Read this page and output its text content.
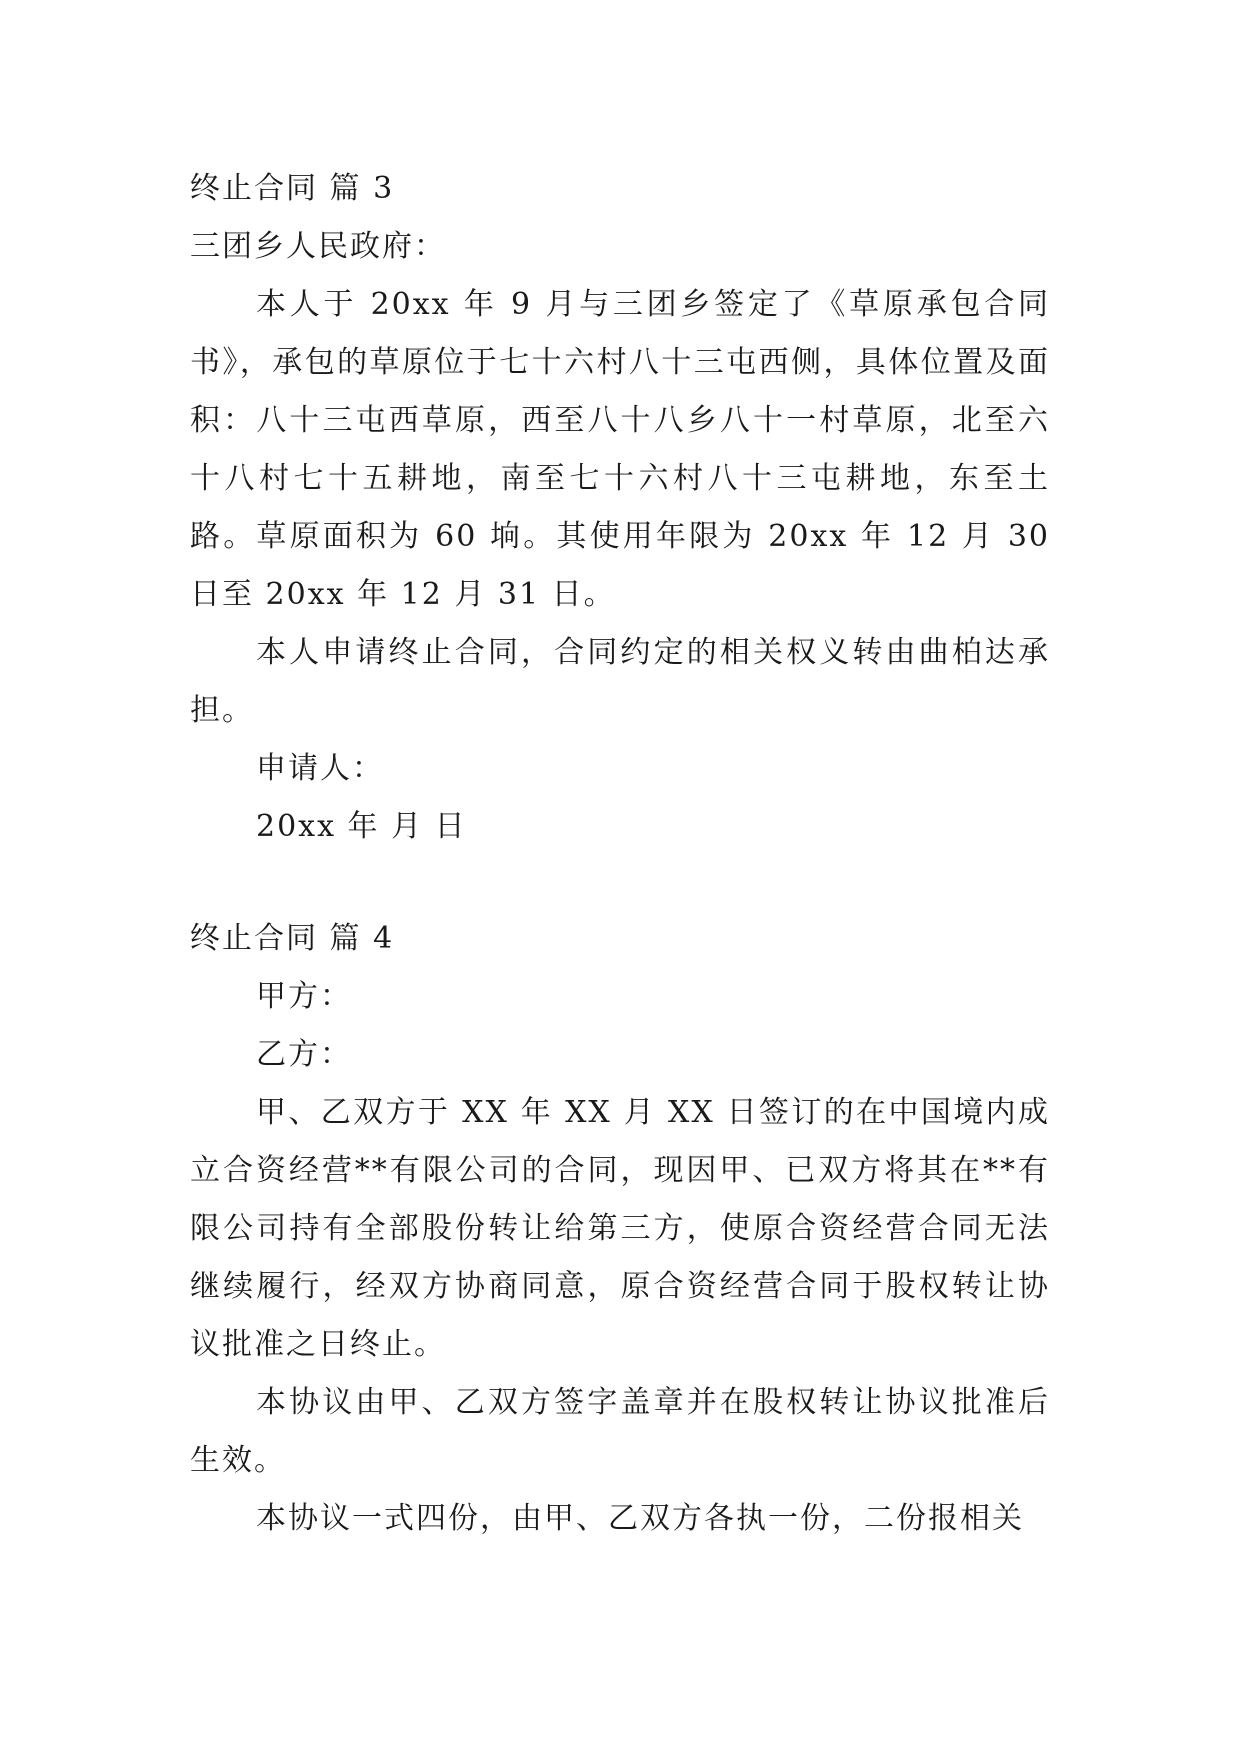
终止合同 篇 3

三团乡人民政府：

本人于 20xx 年 9 月与三团乡签定了《草原承包合同书》，承包的草原位于七十六村八十三屯西侧，具体位置及面积：八十三屯西草原，西至八十八乡八十一村草原，北至六十八村七十五耕地，南至七十六村八十三屯耕地，东至土路。草原面积为 60 垧。其使用年限为 20xx 年 12 月 30 日至 20xx 年 12 月 31 日。

本人申请终止合同，合同约定的相关权义转由曲柏达承担。

申请人：

20xx 年 月 日

终止合同 篇 4

甲方：

乙方：

甲、乙双方于 XX 年 XX 月 XX 日签订的在中国境内成立合资经营**有限公司的合同，现因甲、已双方将其在**有限公司持有全部股份转让给第三方，使原合资经营合同无法继续履行，经双方协商同意，原合资经营合同于股权转让协议批准之日终止。

本协议由甲、乙双方签字盖章并在股权转让协议批准后生效。

本协议一式四份，由甲、乙双方各执一份，二份报相关
